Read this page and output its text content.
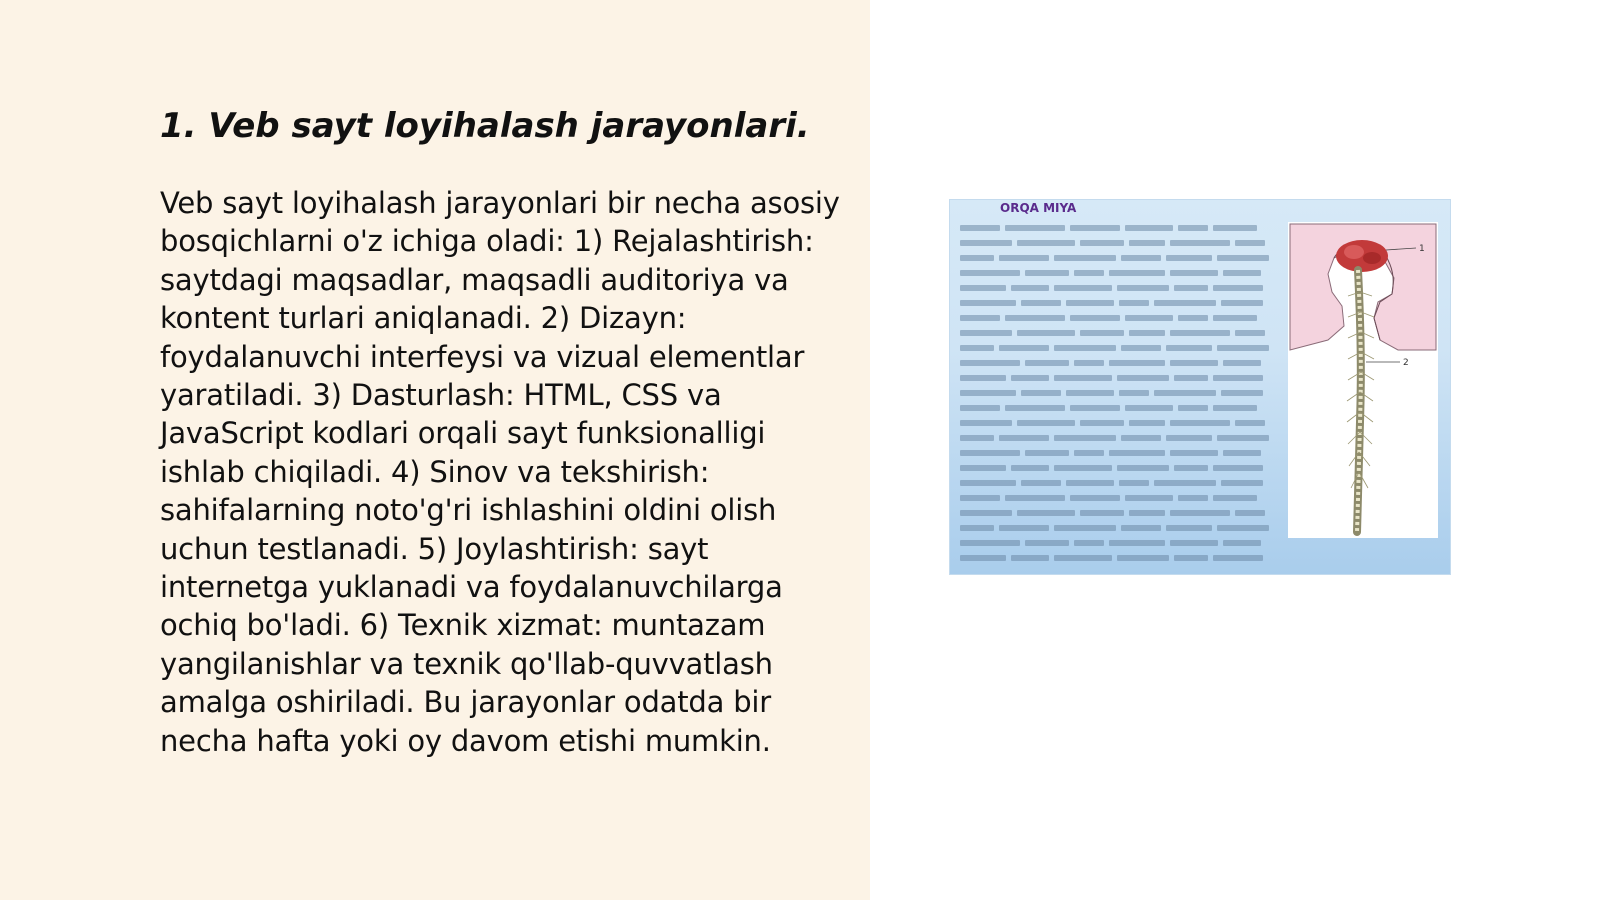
1. Veb sayt loyihalash jarayonlari.

Veb sayt loyihalash jarayonlari bir necha asosiy bosqichlarni o'z ichiga oladi: 1) Rejalashtirish: saytdagi maqsadlar, maqsadli auditoriya va kontent turlari aniqlanadi. 2) Dizayn: foydalanuvchi interfeysi va vizual elementlar yaratiladi. 3) Dasturlash: HTML, CSS va JavaScript kodlari orqali sayt funksionalligi ishlab chiqiladi. 4) Sinov va tekshirish: sahifalarning noto'g'ri ishlashini oldini olish uchun testlanadi. 5) Joylashtirish: sayt internetga yuklanadi va foydalanuvchilarga ochiq bo'ladi. 6) Texnik xizmat: muntazam yangilanishlar va texnik qo'llab-quvvatlash amalga oshiriladi. Bu jarayonlar odatda bir necha hafta yoki oy davom etishi mumkin.

ORQA MIYA
1
2
